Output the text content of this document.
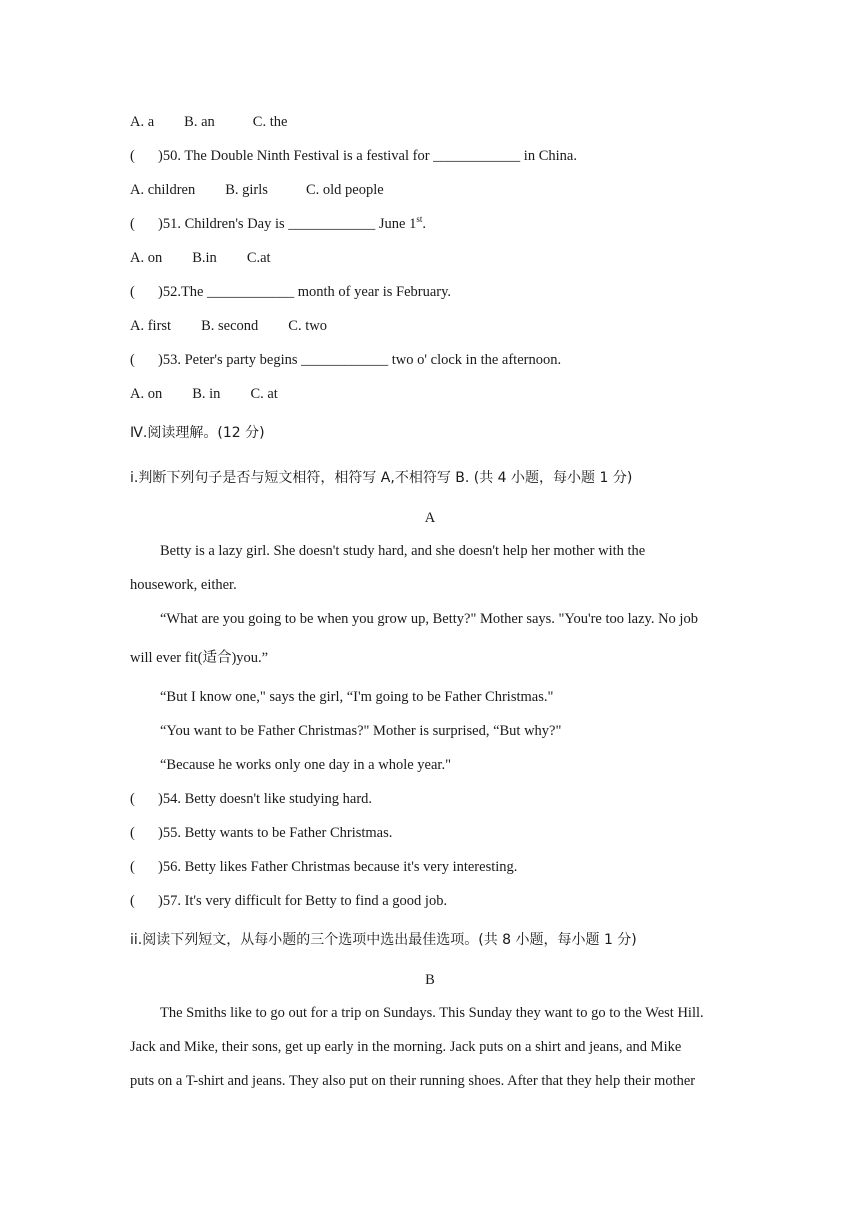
A. a B. an	C. the
( )50. The Double Ninth Festival is a festival for ____________ in China.
A. children B. girls	C. old people
( )51. Children's Day is ____________ June 1st.
A. on B.in C.at
( )52.The ____________ month of year is February.
A. first B. second C. two
( )53. Peter's party begins ____________ two o' clock in the afternoon.
A. on B. in C. at
Ⅳ.阅读理解。(12 分)
i.判断下列句子是否与短文相符，相符写 A,不相符写 B. (共 4 小题，每小题 1 分)
A
Betty is a lazy girl. She doesn't study hard, and she doesn't help her mother with the
housework, either.
“What are you going to be when you grow up, Betty?" Mother says. "You're too lazy. No job
will ever fit(适合)you.”
“But I know one," says the girl, “I'm going to be Father Christmas."
“You want to be Father Christmas?" Mother is surprised, “But why?"
“Because he works only one day in a whole year."
( )54. Betty doesn't like studying hard.
( )55. Betty wants to be Father Christmas.
( )56. Betty likes Father Christmas because it's very interesting.
( )57. It's very difficult for Betty to find a good job.
ii.阅读下列短文，从每小题的三个选项中选出最佳选项。(共 8 小题，每小题 1 分)
B
The Smiths like to go out for a trip on Sundays. This Sunday they want to go to the West Hill.
Jack and Mike, their sons, get up early in the morning. Jack puts on a shirt and jeans, and Mike
puts on a T-shirt and jeans. They also put on their running shoes. After that they help their mother
